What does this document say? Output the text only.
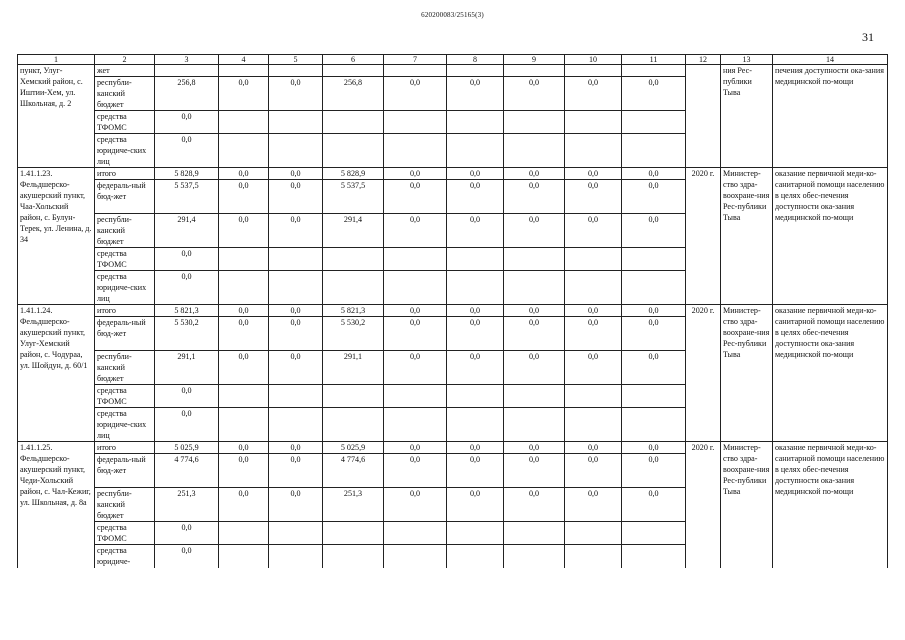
620200083/25165(3)
31
1	2	3	4	5	6	7	8	9	10	11	12	13	14
пункт, Улуг-Хемский район, с. Иштии-Хем, ул. Школьная, д. 2	жет											ния Рес-публики Тыва	печения доступности ока-зания медицинской по-мощи
	республи-канский бюджет	256,8	0,0	0,0	256,8	0,0	0,0	0,0	0,0	0,0			
	средства ТФОМС	0,0											
	средства юридиче-ских лиц	0,0											
1.41.1.23. Фельдшерско-акушерский пункт, Чаа-Хольский район, с. Булун-Терек, ул. Ленина, д. 34	итого	5 828,9	0,0	0,0	5 828,9	0,0	0,0	0,0	0,0	0,0	2020 г.	Министер-ство здра-воохране-ния Рес-публики Тыва	оказание первичной меди-ко-санитарной помощи населению в целях обес-печения доступности ока-зания медицинской по-мощи
	федераль-ный бюд-жет	5 537,5	0,0	0,0	5 537,5	0,0	0,0	0,0	0,0	0,0			
	республи-канский бюджет	291,4	0,0	0,0	291,4	0,0	0,0	0,0	0,0	0,0			
	средства ТФОМС	0,0											
	средства юридиче-ских лиц	0,0											
1.41.1.24. Фельдшерско-акушерский пункт, Улуг-Хемский район, с. Чодураа, ул. Шойдун, д. 60/1	итого	5 821,3	0,0	0,0	5 821,3	0,0	0,0	0,0	0,0	0,0	2020 г.	Министер-ство здра-воохране-ния Рес-публики Тыва	оказание первичной меди-ко-санитарной помощи населению в целях обес-печения доступности ока-зания медицинской по-мощи
	федераль-ный бюд-жет	5 530,2	0,0	0,0	5 530,2	0,0	0,0	0,0	0,0	0,0			
	республи-канский бюджет	291,1	0,0	0,0	291,1	0,0	0,0	0,0	0,0	0,0			
	средства ТФОМС	0,0											
	средства юридиче-ских лиц	0,0											
1.41.1.25. Фельдшерско-акушерский пункт, Чеди-Хольский район, с. Чал-Кежиг, ул. Школьная, д. 8а	итого	5 025,9	0,0	0,0	5 025,9	0,0	0,0	0,0	0,0	0,0	2020 г.	Министер-ство здра-воохране-ния Рес-публики Тыва	оказание первичной меди-ко-санитарной помощи населению в целях обес-печения доступности ока-зания медицинской по-мощи
	федераль-ный бюд-жет	4 774,6	0,0	0,0	4 774,6	0,0	0,0	0,0	0,0	0,0			
	республи-канский бюджет	251,3	0,0	0,0	251,3	0,0	0,0	0,0	0,0	0,0			
	средства ТФОМС	0,0											
	средства юридиче-	0,0											
